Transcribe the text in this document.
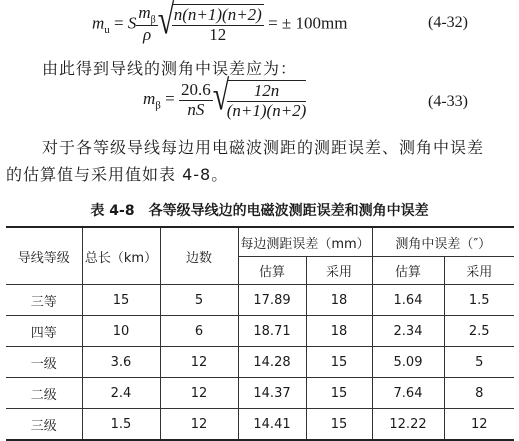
$m_u = S \frac{m_\beta}{\rho}$ √
$\frac{n(n+1)(n+2)}{12}$ = ± 100mm	(4-32)
由此得到导线的测角中误差应为：
$m_\beta = \frac{20.6}{nS}$ √
$\frac{12n}{(n+1)(n+2)}$	(4-33)
对于各等级导线每边用电磁波测距的测距误差、测角中误差
的估算值与采用值如表 4-8。
表 4-8　各等级导线边的电磁波测距误差和测角中误差
导线等级	总长（km）	边数	每边测距误差（mm）		测角中误差（″）	
			估算	采用	估算	采用
三等	15	5	17.89	18	1.64	1.5
四等	10	6	18.71	18	2.34	2.5
一级	3.6	12	14.28	15	5.09	5
二级	2.4	12	14.37	15	7.64	8
三级	1.5	12	14.41	15	12.22	12
